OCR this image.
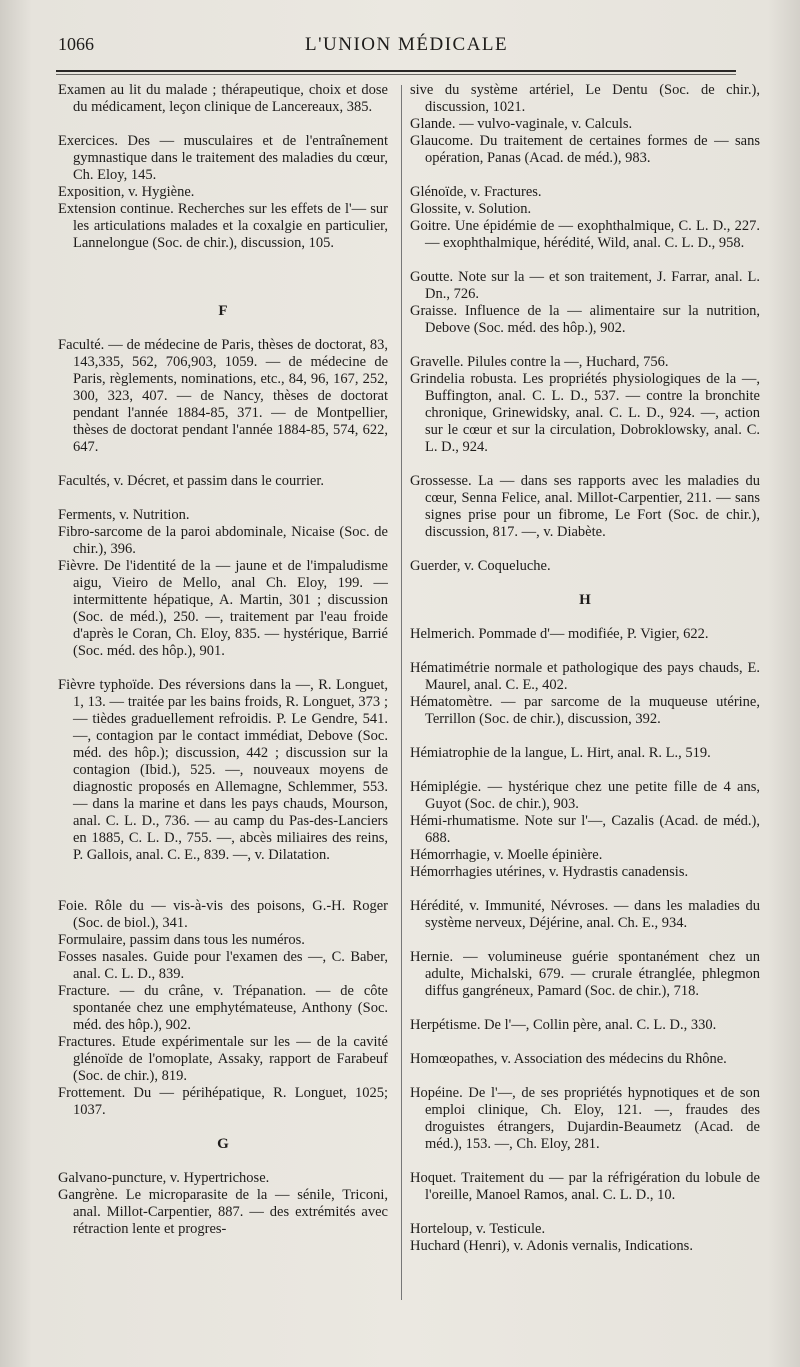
1066	L'UNION MÉDICALE

Examen au lit du malade ; thérapeutique, choix et dose du médicament, leçon clinique de Lancereaux, 385.

Exercices. Des — musculaires et de l'entraînement gymnastique dans le traitement des maladies du cœur, Ch. Eloy, 145.

Exposition, v. Hygiène.

Extension continue. Recherches sur les effets de l'— sur les articulations malades et la coxalgie en particulier, Lannelongue (Soc. de chir.), discussion, 105.

F

Faculté. — de médecine de Paris, thèses de doctorat, 83, 143,335, 562, 706,903, 1059. — de médecine de Paris, règlements, nominations, etc., 84, 96, 167, 252, 300, 323, 407. — de Nancy, thèses de doctorat pendant l'année 1884-85, 371. — de Montpellier, thèses de doctorat pendant l'année 1884-85, 574, 622, 647.

Facultés, v. Décret, et passim dans le courrier.

Ferments, v. Nutrition.

Fibro-sarcome de la paroi abdominale, Nicaise (Soc. de chir.), 396.

Fièvre. De l'identité de la — jaune et de l'impaludisme aigu, Vieiro de Mello, anal Ch. Eloy, 199. — intermittente hépatique, A. Martin, 301 ; discussion (Soc. de méd.), 250. —, traitement par l'eau froide d'après le Coran, Ch. Eloy, 835. — hystérique, Barrié (Soc. méd. des hôp.), 901.

Fièvre typhoïde. Des réversions dans la —, R. Longuet, 1, 13. — traitée par les bains froids, R. Longuet, 373 ; — tièdes graduellement refroidis. P. Le Gendre, 541. —, contagion par le contact immédiat, Debove (Soc. méd. des hôp.); discussion, 442 ; discussion sur la contagion (Ibid.), 525. —, nouveaux moyens de diagnostic proposés en Allemagne, Schlemmer, 553. — dans la marine et dans les pays chauds, Mourson, anal. C. L. D., 736. — au camp du Pas-des-Lanciers en 1885, C. L. D., 755. —, abcès miliaires des reins, P. Gallois, anal. C. E., 839. —, v. Dilatation.

Foie. Rôle du — vis-à-vis des poisons, G.-H. Roger (Soc. de biol.), 341.

Formulaire, passim dans tous les numéros.

Fosses nasales. Guide pour l'examen des —, C. Baber, anal. C. L. D., 839.

Fracture. — du crâne, v. Trépanation. — de côte spontanée chez une emphytémateuse, Anthony (Soc. méd. des hôp.), 902.

Fractures. Etude expérimentale sur les — de la cavité glénoïde de l'omoplate, Assaky, rapport de Farabeuf (Soc. de chir.), 819.

Frottement. Du — périhépatique, R. Longuet, 1025; 1037.

G

Galvano-puncture, v. Hypertrichose.

Gangrène. Le microparasite de la — sénile, Triconi, anal. Millot-Carpentier, 887. — des extrémités avec rétraction lente et progres-

sive du système artériel, Le Dentu (Soc. de chir.), discussion, 1021.

Glande. — vulvo-vaginale, v. Calculs.

Glaucome. Du traitement de certaines formes de — sans opération, Panas (Acad. de méd.), 983.

Glénoïde, v. Fractures.

Glossite, v. Solution.

Goitre. Une épidémie de — exophthalmique, C. L. D., 227. — exophthalmique, hérédité, Wild, anal. C. L. D., 958.

Goutte. Note sur la — et son traitement, J. Farrar, anal. L. Dn., 726.

Graisse. Influence de la — alimentaire sur la nutrition, Debove (Soc. méd. des hôp.), 902.

Gravelle. Pilules contre la —, Huchard, 756.

Grindelia robusta. Les propriétés physiologiques de la —, Buffington, anal. C. L. D., 537. — contre la bronchite chronique, Grinewidsky, anal. C. L. D., 924. —, action sur le cœur et sur la circulation, Dobroklowsky, anal. C. L. D., 924.

Grossesse. La — dans ses rapports avec les maladies du cœur, Senna Felice, anal. Millot-Carpentier, 211. — sans signes prise pour un fibrome, Le Fort (Soc. de chir.), discussion, 817. —, v. Diabète.

Guerder, v. Coqueluche.

H

Helmerich. Pommade d'— modifiée, P. Vigier, 622.

Hématimétrie normale et pathologique des pays chauds, E. Maurel, anal. C. E., 402.

Hématomètre. — par sarcome de la muqueuse utérine, Terrillon (Soc. de chir.), discussion, 392.

Hémiatrophie de la langue, L. Hirt, anal. R. L., 519.

Hémiplégie. — hystérique chez une petite fille de 4 ans, Guyot (Soc. de chir.), 903.

Hémi-rhumatisme. Note sur l'—, Cazalis (Acad. de méd.), 688.

Hémorrhagie, v. Moelle épinière.

Hémorrhagies utérines, v. Hydrastis canadensis.

Hérédité, v. Immunité, Névroses. — dans les maladies du système nerveux, Déjérine, anal. Ch. E., 934.

Hernie. — volumineuse guérie spontanément chez un adulte, Michalski, 679. — crurale étranglée, phlegmon diffus gangréneux, Pamard (Soc. de chir.), 718.

Herpétisme. De l'—, Collin père, anal. C. L. D., 330.

Homœopathes, v. Association des médecins du Rhône.

Hopéine. De l'—, de ses propriétés hypnotiques et de son emploi clinique, Ch. Eloy, 121. —, fraudes des droguistes étrangers, Dujardin-Beaumetz (Acad. de méd.), 153. —, Ch. Eloy, 281.

Hoquet. Traitement du — par la réfrigération du lobule de l'oreille, Manoel Ramos, anal. C. L. D., 10.

Horteloup, v. Testicule.

Huchard (Henri), v. Adonis vernalis, Indications.
